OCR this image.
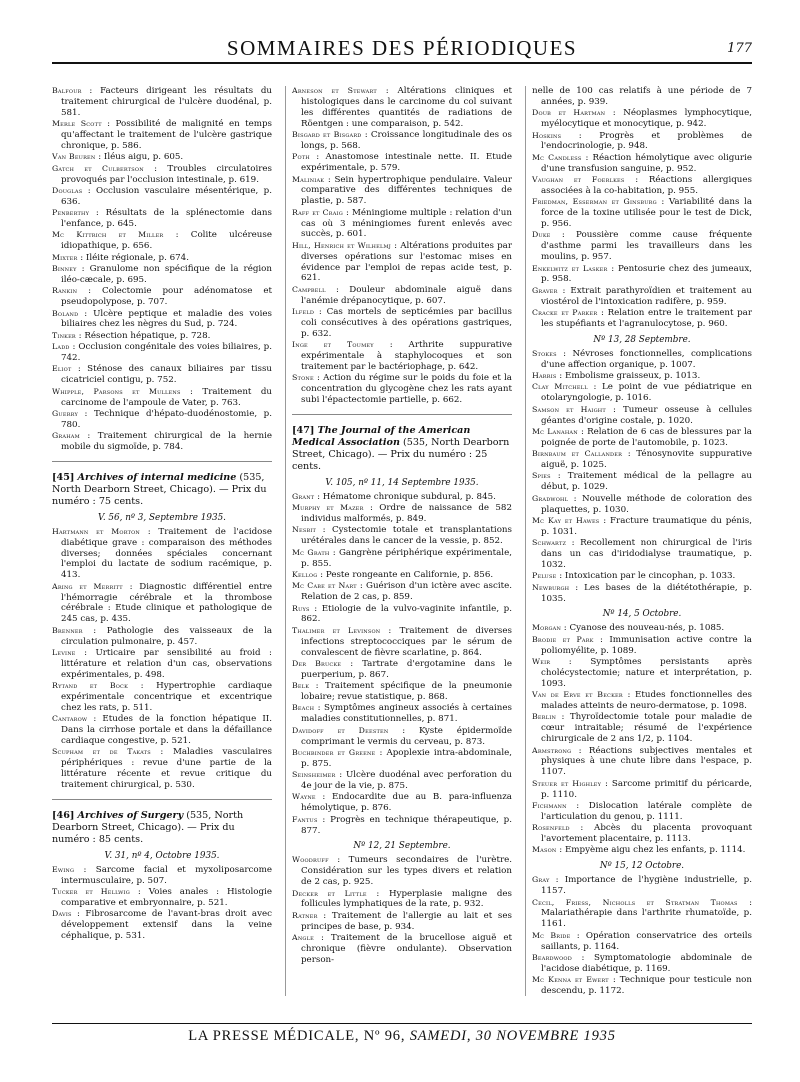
SOMMAIRES DES PÉRIODIQUES	177

Balfour : Facteurs dirigeant les résultats du traitement chirurgical de l'ulcère duodénal, p. 581.

Merle Scott : Possibilité de malignité en temps qu'affectant le traitement de l'ulcère gastrique chronique, p. 586.

Van Beuren : Iléus aigu, p. 605.

Gatch et Culbertson : Troubles circulatoires provoqués par l'occlusion intestinale, p. 619.

Douglas : Occlusion vasculaire mésentérique, p. 636.

Penberthy : Résultats de la splénectomie dans l'enfance, p. 645.

Mc Kittrich et Miller : Colite ulcéreuse idiopathique, p. 656.

Mixter : Iléite régionale, p. 674.

Binney : Granulome non spécifique de la région iléo-cæcale, p. 695.

Rankin : Colectomie pour adénomatose et pseudopolypose, p. 707.

Boland : Ulcère peptique et maladie des voies biliaires chez les nègres du Sud, p. 724.

Tinker : Résection hépatique, p. 728.

Ladd : Occlusion congénitale des voies biliaires, p. 742.

Eliot : Sténose des canaux biliaires par tissu cicatriciel contigu, p. 752.

Whipple, Parsons et Mullens : Traitement du carcinome de l'ampoule de Vater, p. 763.

Guerry : Technique d'hépato-duodénostomie, p. 780.

Graham : Traitement chirurgical de la hernie mobile du sigmoïde, p. 784.

[45] Archives of internal medicine (535, North Dearborn Street, Chicago). — Prix du numéro : 75 cents.
V. 56, nº 3, Septembre 1935.

Hartmann et Morton : Traitement de l'acidose diabétique grave : comparaison des méthodes diverses; données spéciales concernant l'emploi du lactate de sodium racémique, p. 413.

Aring et Merritt : Diagnostic différentiel entre l'hémorragie cérébrale et la thrombose cérébrale : Etude clinique et pathologique de 245 cas, p. 435.

Brenner : Pathologie des vaisseaux de la circulation pulmonaire, p. 457.

Levine : Urticaire par sensibilité au froid : littérature et relation d'un cas, observations expérimentales, p. 498.

Rytand et Bock : Hypertrophie cardiaque expérimentale concentrique et excentrique chez les rats, p. 511.

Cantarow : Etudes de la fonction hépatique II. Dans la cirrhose portale et dans la défaillance cardiaque congestive, p. 521.

Scupham et de Takats : Maladies vasculaires périphériques : revue d'une partie de la littérature récente et revue critique du traitement chirurgical, p. 530.

[46] Archives of Surgery (535, North Dearborn Street, Chicago). — Prix du numéro : 85 cents.
V. 31, nº 4, Octobre 1935.

Ewing : Sarcome facial et myxoliposarcome intermusculaire, p. 507.

Tucker et Hellwig : Voies anales : Histologie comparative et embryonnaire, p. 521.

Davis : Fibrosarcome de l'avant-bras droit avec développement extensif dans la veine céphalique, p. 531.

Arneson et Stewart : Altérations cliniques et histologiques dans le carcinome du col suivant les différentes quantités de radiations de Röentgen : une comparaison, p. 542.

Bisgard et Bisgard : Croissance longitudinale des os longs, p. 568.

Poth : Anastomose intestinale nette. II. Etude expérimentale, p. 579.

Maliniak : Sein hypertrophique pendulaire. Valeur comparative des différentes techniques de plastie, p. 587.

Raff et Craig : Méningiome multiple : relation d'un cas où 3 méningiomes furent enlevés avec succès, p. 601.

Hill, Henrich et Wilhelmj : Altérations produites par diverses opérations sur l'estomac mises en évidence par l'emploi de repas acide test, p. 621.

Campbell : Douleur abdominale aiguë dans l'anémie drépanocytique, p. 607.

Ilfeld : Cas mortels de septicémies par bacillus coli consécutives à des opérations gastriques, p. 632.

Inge et Toumey : Arthrite suppurative expérimentale à staphylocoques et son traitement par le bactériophage, p. 642.

Stone : Action du régime sur le poids du foie et la concentration du glycogène chez les rats ayant subi l'épactectomie partielle, p. 662.

[47] The Journal of the American Medical Association (535, North Dearborn Street, Chicago). — Prix du numéro : 25 cents.
V. 105, nº 11, 14 Septembre 1935.

Grant : Hématome chronique subdural, p. 845.

Murphy et Mazer : Ordre de naissance de 582 individus malformés, p. 849.

Nesbit : Cystectomie totale et transplantations urétérales dans le cancer de la vessie, p. 852.

Mc Grath : Gangrène périphérique expérimentale, p. 855.

Kellog : Peste rongeante en Californie, p. 856.

Mc Cabe et Nart : Guérison d'un ictère avec ascite. Relation de 2 cas, p. 859.

Ruys : Etiologie de la vulvo-vaginite infantile, p. 862.

Thalimer et Levinson : Traitement de diverses infections streptococciques par le sérum de convalescent de fièvre scarlatine, p. 864.

Der Brucke : Tartrate d'ergotamine dans le puerperium, p. 867.

Belk : Traitement spécifique de la pneumonie lobaire; revue statistique, p. 868.

Beach : Symptômes angineux associés à certaines maladies constitutionnelles, p. 871.

Davidoff et Deesten : Kyste épidermoïde comprimant le vermis du cerveau, p. 873.

Buchbinder et Greene : Apoplexie intra-abdominale, p. 875.

Seinsheimer : Ulcère duodénal avec perforation du 4e jour de la vie, p. 875.

Wayne : Endocardite due au B. para-influenza hémolytique, p. 876.

Fantus : Progrès en technique thérapeutique, p. 877.

Nº 12, 21 Septembre.

Woodruff : Tumeurs secondaires de l'urètre. Considération sur les types divers et relation de 2 cas, p. 925.

Decker et Little : Hyperplasie maligne des follicules lymphatiques de la rate, p. 932.

Ratner : Traitement de l'allergie au lait et ses principes de base, p. 934.

Angle : Traitement de la brucellose aiguë et chronique (fièvre ondulante). Observation person-

nelle de 100 cas relatifs à une période de 7 années, p. 939.

Doub et Hartman : Néoplasmes lymphocytique, myélocytique et monocytique, p. 942.

Hoskins : Progrès et problèmes de l'endocrinologie, p. 948.

Mc Candless : Réaction hémolytique avec oligurie d'une transfusion sanguine, p. 952.

Vaughan et Foerlkes : Réactions allergiques associées à la co-habitation, p. 955.

Friedman, Esserman et Ginsburg : Variabilité dans la force de la toxine utilisée pour le test de Dick, p. 956.

Duke : Poussière comme cause fréquente d'asthme parmi les travailleurs dans les moulins, p. 957.

Enkelwitz et Lasker : Pentosurie chez des jumeaux, p. 958.

Graver : Extrait parathyroïdien et traitement au viostérol de l'intoxication radifère, p. 959.

Cracke et Parker : Relation entre le traitement par les stupéfiants et l'agranulocytose, p. 960.

Nº 13, 28 Septembre.

Stokes : Névroses fonctionnelles, complications d'une affection organique, p. 1007.

Harris : Embolisme graisseux, p. 1013.

Clay Mitchell : Le point de vue pédiatrique en otolaryngologie, p. 1016.

Samson et Haight : Tumeur osseuse à cellules géantes d'origine costale, p. 1020.

Mc Lanahan : Relation de 6 cas de blessures par la poignée de porte de l'automobile, p. 1023.

Birnbaum et Callander : Ténosynovite suppurative aiguë, p. 1025.

Spies : Traitement médical de la pellagre au début, p. 1029.

Gradwohl : Nouvelle méthode de coloration des plaquettes, p. 1030.

Mc Kay et Hawes : Fracture traumatique du pénis, p. 1031.

Schwartz : Recollement non chirurgical de l'iris dans un cas d'iridodialyse traumatique, p. 1032.

Peluse : Intoxication par le cincophan, p. 1033.

Newburgh : Les bases de la diététothérapie, p. 1035.

Nº 14, 5 Octobre.

Morgan : Cyanose des nouveau-nés, p. 1085.

Brodie et Park : Immunisation active contre la poliomyélite, p. 1089.

Weir : Symptômes persistants après cholécystectomie; nature et interprétation, p. 1093.

Van de Erve et Becker : Etudes fonctionnelles des malades atteints de neuro-dermatose, p. 1098.

Berlin : Thyroïdectomie totale pour maladie de cœur intraitable; résumé de l'expérience chirurgicale de 2 ans 1/2, p. 1104.

Armstrong : Réactions subjectives mentales et physiques à une chute libre dans l'espace, p. 1107.

Steuer et Highley : Sarcome primitif du péricarde, p. 1110.

Fichmann : Dislocation latérale complète de l'articulation du genou, p. 1111.

Rosenfeld : Abcès du placenta provoquant l'avortement placentaire, p. 1113.

Mason : Empyème aigu chez les enfants, p. 1114.

Nº 15, 12 Octobre.

Gray : Importance de l'hygiène industrielle, p. 1157.

Cecil, Friess, Nicholls et Stratman Thomas : Malariathérapie dans l'arthrite rhumatoïde, p. 1161.

Mc Bride : Opération conservatrice des orteils saillants, p. 1164.

Beardwood : Symptomatologie abdominale de l'acidose diabétique, p. 1169.

Mc Kenna et Ewert : Technique pour testicule non descendu, p. 1172.

LA PRESSE MÉDICALE, Nº 96, SAMEDI, 30 NOVEMBRE 1935
